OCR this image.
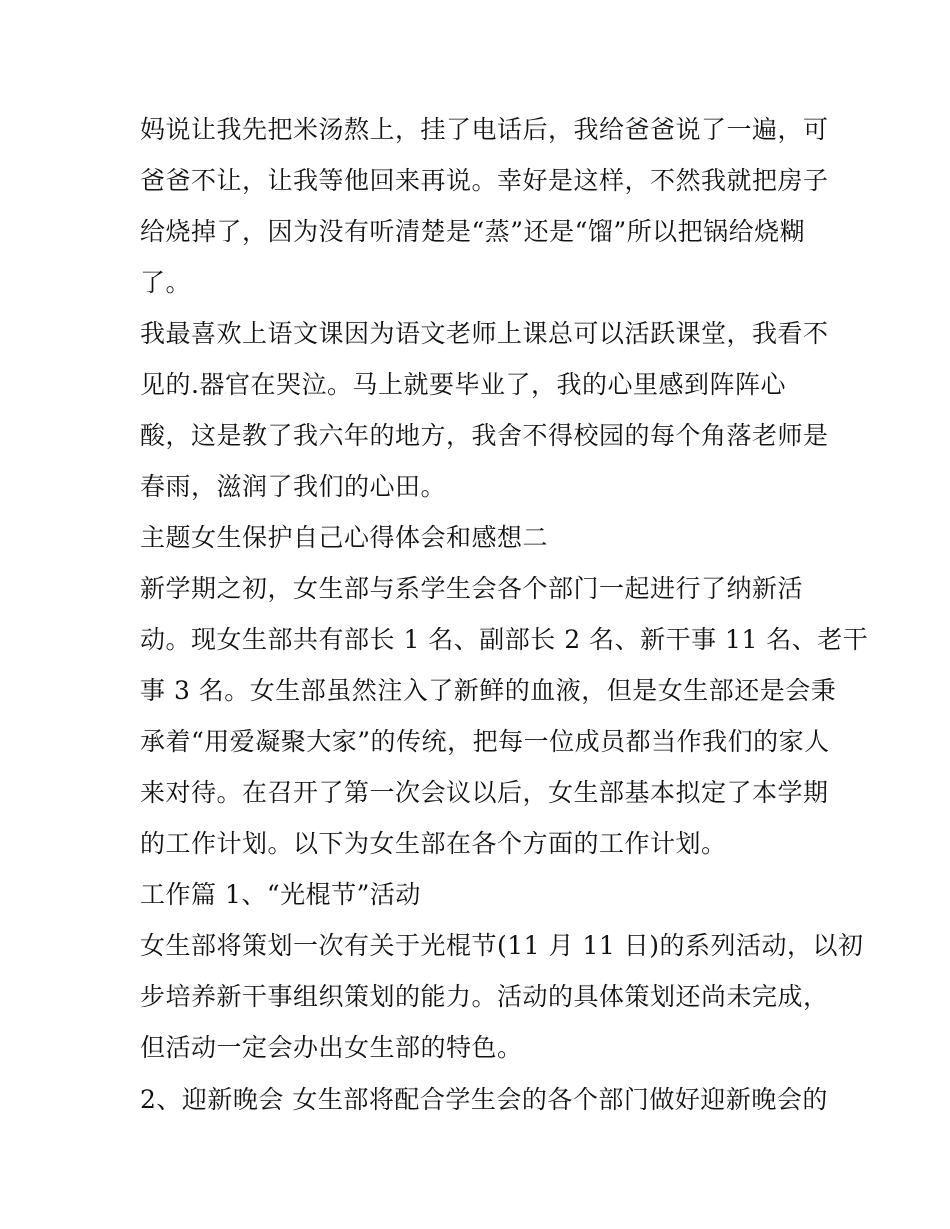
妈说让我先把米汤熬上，挂了电话后，我给爸爸说了一遍，可
爸爸不让，让我等他回来再说。幸好是这样，不然我就把房子
给烧掉了，因为没有听清楚是“蒸”还是“馏”所以把锅给烧糊
了。
我最喜欢上语文课因为语文老师上课总可以活跃课堂，我看不
见的.器官在哭泣。马上就要毕业了，我的心里感到阵阵心
酸，这是教了我六年的地方，我舍不得校园的每个角落老师是
春雨，滋润了我们的心田。
主题女生保护自己心得体会和感想二
新学期之初，女生部与系学生会各个部门一起进行了纳新活
动。现女生部共有部长 1 名、副部长 2 名、新干事 11 名、老干
事 3 名。女生部虽然注入了新鲜的血液，但是女生部还是会秉
承着“用爱凝聚大家”的传统，把每一位成员都当作我们的家人
来对待。在召开了第一次会议以后，女生部基本拟定了本学期
的工作计划。以下为女生部在各个方面的工作计划。
工作篇 1、“光棍节”活动
女生部将策划一次有关于光棍节(11 月 11 日)的系列活动，以初
步培养新干事组织策划的能力。活动的具体策划还尚未完成，
但活动一定会办出女生部的特色。
2、迎新晚会 女生部将配合学生会的各个部门做好迎新晚会的
